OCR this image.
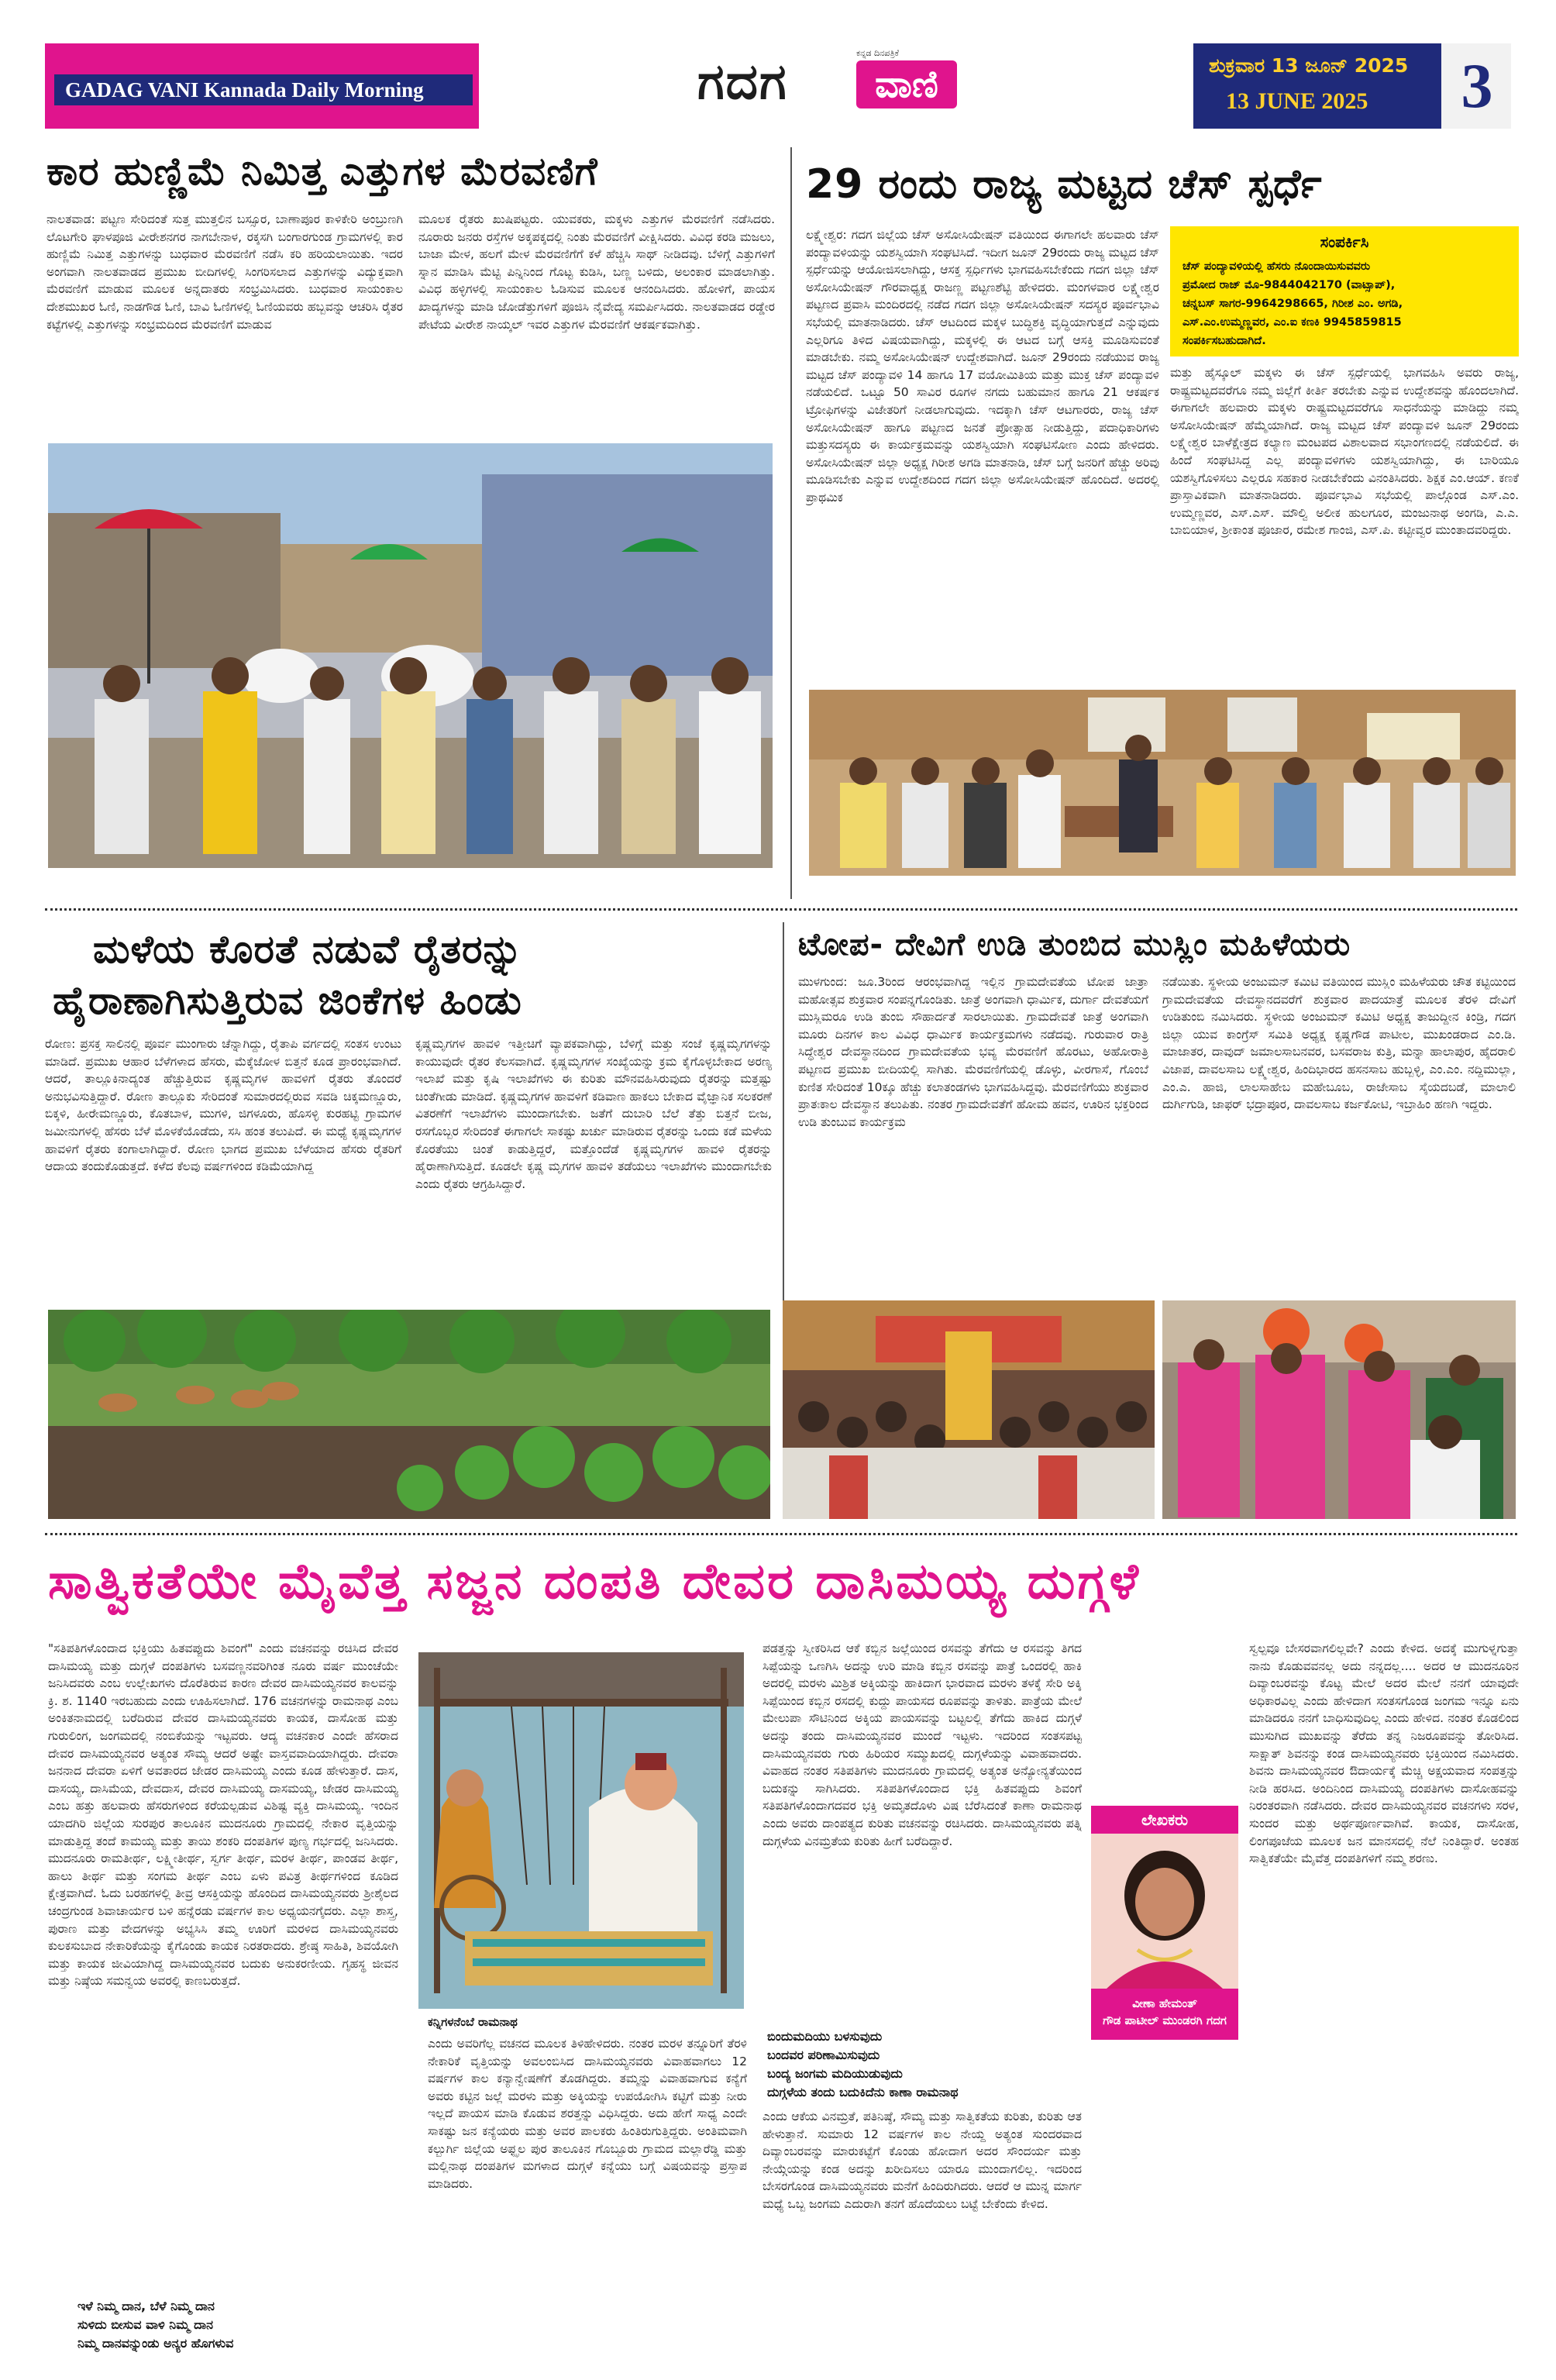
GADAG VANI Kannada Daily Morning	ಗದಗ	ಕನ್ನಡ ದಿನಪತ್ರಿಕೆ
ವಾಣಿ	ಶುಕ್ರವಾರ 13 ಜೂನ್ 2025
13 JUNE 2025 3
ಕಾರ ಹುಣ್ಣಿಮೆ ನಿಮಿತ್ತ ಎತ್ತುಗಳ ಮೆರವಣಿಗೆ
ನಾಲತವಾಡ: ಪಟ್ಟಣ ಸೇರಿದಂತೆ ಸುತ್ತ ಮುತ್ತಲಿನ ಬಸ್ಸೂರ, ಬಾಣಾಪೂರ ಕಾಳಿಕೇರಿ ಅಂಬ್ರುಣಗಿ ಲೊಟಗೇರಿ ಘಾಳಪೂಜಿ ವೀರೇಶನಗರ ನಾಗಬೇನಾಳ, ರಕ್ಕಸಗಿ ಬಂಗಾರಗುಂಡ ಗ್ರಾಮಗಳಲ್ಲಿ ಕಾರ ಹುಣ್ಣಿಮೆ ನಿಮಿತ್ತ ಎತ್ತುಗಳನ್ನು ಬುಧವಾರ ಮೆರವಣಿಗೆ ನಡೆಸಿ ಕರಿ ಹರಿಯಲಾಯಿತು. ಇದರ ಅಂಗವಾಗಿ ನಾಲತವಾಡದ ಪ್ರಮುಖ ಬೀದಿಗಳಲ್ಲಿ ಸಿಂಗರಿಸಲಾದ ಎತ್ತುಗಳನ್ನು ವಿದ್ಯುಕ್ತವಾಗಿ ಮೆರವಣಿಗೆ ಮಾಡುವ ಮೂಲಕ ಅನ್ನದಾತರು ಸಂಭ್ರಮಿಸಿದರು. ಬುಧವಾರ ಸಾಯಂಕಾಲ ದೇಶಮುಖರ ಓಣಿ, ನಾಡಗೌಡ ಓಣಿ, ಬಾವಿ ಓಣಿಗಳಲ್ಲಿ ಓಣಿಯವರು ಹಬ್ಬವನ್ನು ಆಚರಿಸಿ ರೈತರ ಕಟ್ಟೆಗಳಲ್ಲಿ ಎತ್ತುಗಳನ್ನು ಸಂಭ್ರಮದಿಂದ ಮೆರವಣಿಗೆ ಮಾಡುವ
ಮೂಲಕ ರೈತರು ಖುಷಿಪಟ್ಟರು. ಯುವಕರು, ಮಕ್ಕಳು ಎತ್ತುಗಳ ಮೆರವಣಿಗೆ ನಡೆಸಿದರು. ನೂರಾರು ಜನರು ರಸ್ತೆಗಳ ಅಕ್ಕಪಕ್ಕದಲ್ಲಿ ನಿಂತು ಮೆರವಣಿಗೆ ವೀಕ್ಷಿಸಿದರು. ವಿವಿಧ ಕರಡಿ ಮಜಲು, ಬಾಜಾ ಮೇಳ, ಹಲಗೆ ಮೇಳ ಮೆರವಣಿಗೆಗೆ ಕಳೆ ಹೆಚ್ಚಿಸಿ ಸಾಥ್ ನೀಡಿದವು. ಬೆಳಿಗ್ಗೆ ಎತ್ತುಗಳಿಗೆ ಸ್ನಾನ ಮಾಡಿಸಿ ಮೆಟ್ಟಿ ಪಿನ್ನಿನಿಂದ ಗೊಟ್ಟ ಕುಡಿಸಿ, ಬಣ್ಣ ಬಳಿದು, ಅಲಂಕಾರ ಮಾಡಲಾಗಿತ್ತು. ವಿವಿಧ ಹಳ್ಳಿಗಳಲ್ಲಿ ಸಾಯಂಕಾಲ ಓಡಿಸುವ ಮೂಲಕ ಆನಂದಿಸಿದರು. ಹೋಳಿಗೆ, ಪಾಯಸ ಖಾದ್ಯಗಳನ್ನು ಮಾಡಿ ಜೋಡೆತ್ತುಗಳಿಗೆ ಪೂಜಿಸಿ ನೈವೇದ್ಯ ಸಮರ್ಪಿಸಿದರು. ನಾಲತವಾಡದ ರಡ್ಡೇರ ಪೇಟೆಯ ವೀರೇಶ ನಾಯ್ಕಲ್ ಇವರ ಎತ್ತುಗಳ ಮೆರವಣಿಗೆ ಆಕರ್ಷಕವಾಗಿತ್ತು.
29 ರಂದು ರಾಜ್ಯ ಮಟ್ಟದ ಚೆಸ್ ಸ್ಪರ್ಧೆ
ಲಕ್ಷ್ಮೇಶ್ವರ: ಗದಗ ಜಿಲ್ಲೆಯ ಚೆಸ್ ಅಸೋಸಿಯೇಷನ್ ವತಿಯಿಂದ ಈಗಾಗಲೇ ಹಲವಾರು ಚೆಸ್ ಪಂದ್ಯಾವಳಿಯನ್ನು ಯಶಸ್ವಿಯಾಗಿ ಸಂಘಟಿಸಿದೆ. ಇದೀಗ ಜೂನ್ 29ರಂದು ರಾಜ್ಯ ಮಟ್ಟದ ಚೆಸ್ ಸ್ಪರ್ಧೆಯನ್ನು ಆಯೋಜಿಸಲಾಗಿದ್ದು, ಆಸಕ್ತ ಸ್ಪರ್ಧಿಗಳು ಭಾಗವಹಿಸಬೇಕೆಂದು ಗದಗ ಜಿಲ್ಲಾ ಚೆಸ್ ಅಸೋಸಿಯೇಷನ್ ಗೌರವಾಧ್ಯಕ್ಷ ರಾಜಣ್ಣ ಪಟ್ಟಣಶೆಟ್ಟಿ ಹೇಳಿದರು. ಮಂಗಳವಾರ ಲಕ್ಷ್ಮೇಶ್ವರ ಪಟ್ಟಣದ ಪ್ರವಾಸಿ ಮಂದಿರದಲ್ಲಿ ನಡೆದ ಗದಗ ಜಿಲ್ಲಾ ಅಸೋಸಿಯೇಷನ್ ಸದಸ್ಯರ ಪೂರ್ವಭಾವಿ ಸಭೆಯಲ್ಲಿ ಮಾತನಾಡಿದರು. ಚೆಸ್ ಆಟದಿಂದ ಮಕ್ಕಳ ಬುದ್ಧಿಶಕ್ತಿ ವೃದ್ಧಿಯಾಗುತ್ತದೆ ಎನ್ನುವುದು ಎಲ್ಲರಿಗೂ ತಿಳಿದ ವಿಷಯವಾಗಿದ್ದು, ಮಕ್ಕಳಲ್ಲಿ ಈ ಆಟದ ಬಗ್ಗೆ ಆಸಕ್ತಿ ಮೂಡಿಸುವಂತೆ ಮಾಡಬೇಕು. ನಮ್ಮ ಅಸೋಸಿಯೇಷನ್ ಉದ್ದೇಶವಾಗಿದೆ. ಜೂನ್ 29ರಂದು ನಡೆಯುವ ರಾಜ್ಯ ಮಟ್ಟದ ಚೆಸ್ ಪಂದ್ಯಾವಳಿ 14 ಹಾಗೂ 17 ವಯೋಮಿತಿಯ ಮತ್ತು ಮುಕ್ತ ಚೆಸ್ ಪಂದ್ಯಾವಳಿ ನಡೆಯಲಿದೆ. ಒಟ್ಟೂ 50 ಸಾವಿರ ರೂಗಳ ನಗದು ಬಹುಮಾನ ಹಾಗೂ 21 ಆಕರ್ಷಕ ಟ್ರೋಫಿಗಳನ್ನು ವಿಜೇತರಿಗೆ ನೀಡಲಾಗುವುದು. ಇದಕ್ಕಾಗಿ ಚೆಸ್ ಆಟಗಾರರು, ರಾಜ್ಯ ಚೆಸ್ ಅಸೋಸಿಯೇಷನ್ ಹಾಗೂ ಪಟ್ಟಣದ ಜನತೆ ಪ್ರೋತ್ಸಾಹ ನೀಡುತ್ತಿದ್ದು, ಪದಾಧಿಕಾರಿಗಳು ಮತ್ತುಸದಸ್ಯರು ಈ ಕಾರ್ಯಕ್ರಮವನ್ನು ಯಶಸ್ವಿಯಾಗಿ ಸಂಘಟಿಸೋಣ ಎಂದು ಹೇಳಿದರು. ಅಸೋಸಿಯೇಷನ್ ಜಿಲ್ಲಾ ಅಧ್ಯಕ್ಷ ಗಿರೀಶ ಅಗಡಿ ಮಾತನಾಡಿ, ಚೆಸ್ ಬಗ್ಗೆ ಜನರಿಗೆ ಹೆಚ್ಚು ಅರಿವು ಮೂಡಿಸಬೇಕು ಎನ್ನುವ ಉದ್ದೇಶದಿಂದ ಗದಗ ಜಿಲ್ಲಾ ಅಸೋಸಿಯೇಷನ್ ಹೊಂದಿದೆ. ಅದರಲ್ಲಿ ಪ್ರಾಥಮಿಕ
ಸಂಪರ್ಕಿಸಿ
ಚೆಸ್ ಪಂದ್ಯಾವಳಿಯಲ್ಲಿ ಹೆಸರು ನೊಂದಾಯಿಸುವವರು
ಪ್ರಮೋದ ರಾಜ್ ಮೊ-9844042170 (ವಾಟ್ಸಾಪ್),
ಚನ್ನಬಸ್ ಸಾಗರ-9964298665, ಗಿರೀಶ ಎಂ. ಅಗಡಿ,
ಎಸ್.ಎಂ.ಉಮ್ಮಣ್ಣವರ, ಎಂ.ಐ ಕಣಕಿ 9945859815
ಸಂಪರ್ಕಿಸಬಹುದಾಗಿದೆ.
ಮತ್ತು ಹೈಸ್ಕೂಲ್ ಮಕ್ಕಳು ಈ ಚೆಸ್ ಸ್ಪರ್ಧೆಯಲ್ಲಿ ಭಾಗವಹಿಸಿ ಅವರು ರಾಜ್ಯ, ರಾಷ್ಟ್ರಮಟ್ಟದವರೆಗೂ ನಮ್ಮ ಜಿಲ್ಲೆಗೆ ಕೀರ್ತಿ ತರಬೇಕು ಎನ್ನುವ ಉದ್ದೇಶವನ್ನು ಹೊಂದಲಾಗಿದೆ. ಈಗಾಗಲೇ ಹಲವಾರು ಮಕ್ಕಳು ರಾಷ್ಟ್ರಮಟ್ಟದವರೆಗೂ ಸಾಧನೆಯನ್ನು ಮಾಡಿದ್ದು ನಮ್ಮ ಅಸೋಸಿಯೇಷನ್ ಹೆಮ್ಮೆಯಾಗಿದೆ. ರಾಜ್ಯ ಮಟ್ಟದ ಚೆಸ್ ಪಂದ್ಯಾವಳಿ ಜೂನ್ 29ರಂದು ಲಕ್ಷ್ಮೇಶ್ವರ ಬಾಳೆಕ್ಷೇತ್ರದ ಕಲ್ಯಾಣ ಮಂಟಪದ ವಿಶಾಲವಾದ ಸಭಾಂಗಣದಲ್ಲಿ ನಡೆಯಲಿದೆ. ಈ ಹಿಂದೆ ಸಂಘಟಿಸಿದ್ದ ಎಲ್ಲ ಪಂದ್ಯಾವಳಿಗಳು ಯಶಸ್ವಿಯಾಗಿದ್ದು, ಈ ಬಾರಿಯೂ ಯಶಸ್ವಿಗೊಳಿಸಲು ಎಲ್ಲರೂ ಸಹಕಾರ ನೀಡಬೇಕೆಂದು ವಿನಂತಿಸಿದರು. ಶಿಕ್ಷಕ ಎಂ.ಆಯ್. ಕಣಕೆ ಪ್ರಾಸ್ತಾವಿಕವಾಗಿ ಮಾತನಾಡಿದರು. ಪೂರ್ವಭಾವಿ ಸಭೆಯಲ್ಲಿ ಪಾಲ್ಗೊಂಡ ಎಸ್.ಎಂ. ಉಮ್ಮಣ್ಣವರ, ಎಸ್.ಎಸ್. ಮೌಲ್ವಿ ಅಲೀಕ ಹುಲಗೂರ, ಮಂಜುನಾಥ ಅಂಗಡಿ, ಎ.ಎ. ಬಾಬಿಯಾಳ, ಶ್ರೀಕಾಂತ ಪೂಜಾರ, ರಮೇಶ ಗಾಂಜಿ, ಎಸ್.ಪಿ. ಕಟ್ಟೀವ್ವರ ಮುಂತಾದವರಿದ್ದರು.
ಮಳೆಯ ಕೊರತೆ ನಡುವೆ ರೈತರನ್ನು
ಹೈರಾಣಾಗಿಸುತ್ತಿರುವ ಜಿಂಕೆಗಳ ಹಿಂಡು
ರೋಣ: ಪ್ರಸಕ್ತ ಸಾಲಿನಲ್ಲಿ ಪೂರ್ವ ಮುಂಗಾರು ಚೆನ್ನಾಗಿದ್ದು, ರೈತಾಪಿ ವರ್ಗದಲ್ಲಿ ಸಂತಸ ಉಂಟು ಮಾಡಿದೆ. ಪ್ರಮುಖ ಆಹಾರ ಬೆಳೆಗಳಾದ ಹೆಸರು, ಮೆಕ್ಕೆಜೋಳ ಬಿತ್ತನೆ ಕೂಡ ಪ್ರಾರಂಭವಾಗಿದೆ. ಆದರೆ, ತಾಲ್ಲೂಕಿನಾದ್ಯಂತ ಹೆಚ್ಚುತ್ತಿರುವ ಕೃಷ್ಣಮೃಗಳ ಹಾವಳಿಗೆ ರೈತರು ತೊಂದರೆ ಅನುಭವಿಸುತ್ತಿದ್ದಾರೆ. ರೋಣ ತಾಲ್ಲೂಕು ಸೇರಿದಂತೆ ಸುಮಾರದಲ್ಲಿರುವ ಸವಡಿ ಚಿಕ್ಕಮಣ್ಣೂರು, ಬಿಕ್ಕಳಿ, ಹೀರೇಮಣ್ಣೂರು, ಕೊತಬಾಳ, ಮುಗಳಿ, ಜಿಗಳೂರು, ಹೊಸಳ್ಳಿ ಕುರಹಟ್ಟಿ ಗ್ರಾಮಗಳ ಜಮೀನುಗಳಲ್ಲಿ ಹೆಸರು ಬೆಳೆ ಮೊಳಕೆಯೊಡೆದು, ಸಸಿ ಹಂತ ತಲುಪಿದೆ. ಈ ಮಧ್ಯೆ ಕೃಷ್ಣಮೃಗಗಳ ಹಾವಳಿಗೆ ರೈತರು ಕಂಗಾಲಾಗಿದ್ದಾರೆ. ರೋಣ ಭಾಗದ ಪ್ರಮುಖ ಬೆಳೆಯಾದ ಹೆಸರು ರೈತರಿಗೆ ಆದಾಯ ತಂದುಕೊಡುತ್ತದೆ. ಕಳೆದ ಕೆಲವು ವರ್ಷಗಳಿಂದ ಕಡಿಮೆಯಾಗಿದ್ದ
ಕೃಷ್ಣಮೃಗಗಳ ಹಾವಳಿ ಇತ್ತೀಚಿಗೆ ವ್ಯಾಪಕವಾಗಿದ್ದು, ಬೆಳಿಗ್ಗೆ ಮತ್ತು ಸಂಜೆ ಕೃಷ್ಣಮೃಗಗಳನ್ನು ಕಾಯುವುದೇ ರೈತರ ಕೆಲಸವಾಗಿದೆ. ಕೃಷ್ಣಮೃಗಗಳ ಸಂಖ್ಯೆಯನ್ನು ಕ್ರಮ ಕೈಗೊಳ್ಳಬೇಕಾದ ಅರಣ್ಯ ಇಲಾಖೆ ಮತ್ತು ಕೃಷಿ ಇಲಾಖೆಗಳು ಈ ಕುರಿತು ಮೌನವಹಿಸಿರುವುದು ರೈತರನ್ನು ಮತ್ತಷ್ಟು ಚಿಂತೆಗೀಡು ಮಾಡಿದೆ. ಕೃಷ್ಣಮೃಗಗಳ ಹಾವಳಿಗೆ ಕಡಿವಾಣ ಹಾಕಲು ಬೇಕಾದ ವೈಜ್ಞಾನಿಕ ಸಲಕರಣೆ ವಿತರಣೆಗೆ ಇಲಾಖೆಗಳು ಮುಂದಾಗಬೇಕು. ಜತೆಗೆ ದುಬಾರಿ ಬೆಲೆ ತೆತ್ತು ಬಿತ್ತನೆ ಬೀಜ, ರಸಗೊಬ್ಬರ ಸೇರಿದಂತೆ ಈಗಾಗಲೇ ಸಾಕಷ್ಟು ಖರ್ಚು ಮಾಡಿರುವ ರೈತರನ್ನು ಒಂದು ಕಡೆ ಮಳೆಯ ಕೊರತೆಯು ಚಿಂತೆ ಕಾಡುತ್ತಿದ್ದರೆ, ಮತ್ತೊಂದೆಡೆ ಕೃಷ್ಣಮೃಗಗಳ ಹಾವಳಿ ರೈತರನ್ನು ಹೈರಾಣಾಗಿಸುತ್ತಿದೆ. ಕೂಡಲೇ ಕೃಷ್ಣ ಮೃಗಗಳ ಹಾವಳಿ ತಡೆಯಲು ಇಲಾಖೆಗಳು ಮುಂದಾಗಬೇಕು ಎಂದು ರೈತರು ಆಗ್ರಹಿಸಿದ್ದಾರೆ.
ಟೋಪ- ದೇವಿಗೆ ಉಡಿ ತುಂಬಿದ ಮುಸ್ಲಿಂ ಮಹಿಳೆಯರು
ಮುಳಗುಂದ: ಜೂ.3ರಿಂದ ಆರಂಭವಾಗಿದ್ದ ಇಲ್ಲಿನ ಗ್ರಾಮದೇವತೆಯ ಟೋಪ ಜಾತ್ರಾ ಮಹೋತ್ಸವ ಶುಕ್ರವಾರ ಸಂಪನ್ನಗೊಂಡಿತು. ಜಾತ್ರೆ ಅಂಗವಾಗಿ ಧಾರ್ಮಿಕ, ದುರ್ಗಾ ದೇವತೆಯಗೆ ಮುಸ್ಲಿಮರೂ ಉಡಿ ತುಂಬಿ ಸೌಹಾರ್ದತೆ ಸಾರಲಾಯಿತು. ಗ್ರಾಮದೇವತೆ ಜಾತ್ರೆ ಅಂಗವಾಗಿ ಮೂರು ದಿನಗಳ ಕಾಲ ವಿವಿಧ ಧಾರ್ಮಿಕ ಕಾರ್ಯಕ್ರಮಗಳು ನಡೆದವು. ಗುರುವಾರ ರಾತ್ರಿ ಸಿದ್ಧೇಶ್ವರ ದೇವಸ್ಥಾನದಿಂದ ಗ್ರಾಮದೇವತೆಯ ಭವ್ಯ ಮೆರವಣಿಗೆ ಹೊರಟು, ಅಹೋರಾತ್ರಿ ಪಟ್ಟಣದ ಪ್ರಮುಖ ಬೀದಿಯಲ್ಲಿ ಸಾಗಿತು. ಮೆರವಣಿಗೆಯಲ್ಲಿ ಡೊಳ್ಳು, ವೀರಗಾಸೆ, ಗೊಂಬೆ ಕುಣಿತ ಸೇರಿದಂತೆ 10ಕ್ಕೂ ಹೆಚ್ಚು ಕಲಾತಂಡಗಳು ಭಾಗವಹಿಸಿದ್ದವು. ಮೆರವಣಿಗೆಯು ಶುಕ್ರವಾರ ಪ್ರಾತಃಕಾಲ ದೇವಸ್ಥಾನ ತಲುಪಿತು. ನಂತರ ಗ್ರಾಮದೇವತೆಗೆ ಹೋಮ ಹವನ, ಊರಿನ ಭಕ್ತರಿಂದ ಉಡಿ ತುಂಬುವ ಕಾರ್ಯಕ್ರಮ
ನಡೆಯಿತು. ಸ್ಥಳೀಯ ಅಂಜುಮನ್ ಕಮಿಟಿ ವತಿಯಿಂದ ಮುಸ್ಲಿಂ ಮಹಿಳೆಯರು ಚೌತ ಕಟ್ಟಿಯಿಂದ ಗ್ರಾಮದೇವತೆಯ ದೇವಸ್ಥಾನದವರೆಗೆ ಶುಕ್ರವಾರ ಪಾದಯಾತ್ರೆ ಮೂಲಕ ತೆರಳಿ ದೇವಿಗೆ ಉಡಿತುಂಬಿ ನಮಿಸಿದರು. ಸ್ಥಳೀಯ ಅಂಜುಮನ್ ಕಮಿಟಿ ಅಧ್ಯಕ್ಷ ತಾಜುದ್ದೀನ ಕಿಂಡ್ರಿ, ಗದಗ ಜಿಲ್ಲಾ ಯುವ ಕಾಂಗ್ರೆಸ್ ಸಮಿತಿ ಅಧ್ಯಕ್ಷ ಕೃಷ್ಣಗೌಡ ಪಾಟೀಲ, ಮುಖಂಡರಾದ ಎಂ.ಡಿ. ಮಾಜಾತರ, ದಾವುದ್ ಜಮಾಲಸಾಬನವರ, ಬಸವರಾಜ ಕುತ್ರಿ, ಮನ್ನಾ ಹಾಲಾಪುರ, ಹೈದರಾಲಿ ವಿಜಾಪ, ದಾವಲಸಾಬ ಲಕ್ಷ್ಮೇಶ್ವರ, ಹಿಂದಿಭಾರದ ಹಸನಸಾಬ ಹುಬ್ಬಳ್ಳಿ, ಎಂ.ಎಂ. ನದ್ದಿಮುಲ್ಲಾ, ಎಂ.ಎ. ಹಾಜಿ, ಲಾಲಸಾಹೇಬ ಮಹೇಬೂಬ, ರಾಜೇಸಾಬ ಸೈಯದಬಡೆ, ಮಾಲಾಲಿ ದುರ್ಗಿಗುಡಿ, ಜಾಫರ್ ಭದ್ರಾಪೂರ, ದಾವಲಸಾಬ ಕರ್ಜಕೋಟಿ, ಇಬ್ರಾಹಿಂ ಹಣಗಿ ಇದ್ದರು.
ಸಾತ್ವಿಕತೆಯೇ ಮೈವೆತ್ತ ಸಜ್ಜನ ದಂಪತಿ ದೇವರ ದಾಸಿಮಯ್ಯ ದುಗ್ಗಳೆ
"ಸತಿಪತಿಗಳೊಂದಾದ ಭಕ್ತಿಯು ಹಿತವಪ್ಪುದು ಶಿವಂಗೆ" ಎಂದು ವಚನವನ್ನು ರಚಿಸಿದ ದೇವರ ದಾಸಿಮಯ್ಯ ಮತ್ತು ದುಗ್ಗಳೆ ದಂಪತಿಗಳು ಬಸವಣ್ಣನವರಿಗಿಂತ ನೂರು ವರ್ಷ ಮುಂಚೆಯೇ ಜನಿಸಿದವರು ಎಂಬ ಉಲ್ಲೇಖಗಳು ದೊರೆತಿರುವ ಕಾರಣ ದೇವರ ದಾಸಿಮಯ್ಯನವರ ಕಾಲವನ್ನು ಕ್ರಿ. ಶ. 1140 ಇರಬಹುದು ಎಂದು ಊಹಿಸಲಾಗಿದೆ. 176 ವಚನಗಳನ್ನು ರಾಮನಾಥ ಎಂಬ ಅಂಕಿತನಾಮದಲ್ಲಿ ಬರೆದಿರುವ ದೇವರ ದಾಸಿಮಯ್ಯನವರು ಕಾಯಕ, ದಾಸೋಹ ಮತ್ತು ಗುರುಲಿಂಗ, ಜಂಗಮದಲ್ಲಿ ನಂಬಿಕೆಯನ್ನು ಇಟ್ಟವರು. ಆದ್ಯ ವಚನಕಾರ ಎಂದೇ ಹೆಸರಾದ ದೇವರ ದಾಸಿಮಯ್ಯನವರ ಅತ್ಯಂತ ಸೌಮ್ಯ ಆದರೆ ಅಷ್ಟೇ ವಾಸ್ತವವಾದಿಯಾಗಿದ್ದರು. ದೇವರಾ ಜನನಾದ ದೇವರಾ ಏಳಿಗೆ ಅವತಾರದ ಜೇಡರ ದಾಸಿಮಯ್ಯ ಎಂದು ಕೂಡ ಹೇಳುತ್ತಾರೆ. ದಾಸ, ದಾಸಯ್ಯ, ದಾಸಿಮೆಯ, ದೇವದಾಸ, ದೇವರ ದಾಸಿಮಯ್ಯ ದಾಸಮಯ್ಯ, ಜೇಡರ ದಾಸಿಮಯ್ಯ ಎಂಬ ಹತ್ತು ಹಲವಾರು ಹೆಸರುಗಳಿಂದ ಕರೆಯಲ್ಪಡುವ ವಿಶಿಷ್ಟ ವ್ಯಕ್ತಿ ದಾಸಿಮಯ್ಯ. ಇಂದಿನ ಯಾದಗಿರಿ ಜಿಲ್ಲೆಯ ಸುರಪುರ ತಾಲೂಕಿನ ಮುದನೂರು ಗ್ರಾಮದಲ್ಲಿ ನೇಕಾರ ವೃತ್ತಿಯನ್ನು ಮಾಡುತ್ತಿದ್ದ ತಂದೆ ಕಾಮಯ್ಯ ಮತ್ತು ತಾಯಿ ಶಂಕರಿ ದಂಪತಿಗಳ ಪುಣ್ಯ ಗರ್ಭದಲ್ಲಿ ಜನಿಸಿದರು. ಮುದನೂರು ರಾಮತೀರ್ಥ, ಲಕ್ಷ್ಮೀತೀರ್ಥ, ಸ್ವರ್ಗ ತೀರ್ಥ, ಮರಳ ತೀರ್ಥ, ಪಾಂಡವ ತೀರ್ಥ, ಹಾಲು ತೀರ್ಥ ಮತ್ತು ಸಂಗಮ ತೀರ್ಥ ಎಂಬ ಏಳು ಪವಿತ್ರ ತೀರ್ಥಗಳಿಂದ ಕೂಡಿದ ಕ್ಷೇತ್ರವಾಗಿದೆ. ಓದು ಬರಹಗಳಲ್ಲಿ ತೀವ್ರ ಆಸಕ್ತಿಯನ್ನು ಹೊಂದಿದ ದಾಸಿಮಯ್ಯನವರು ಶ್ರೀಶೈಲದ ಚಂದ್ರಗುಂಡ ಶಿವಾಚಾರ್ಯರ ಬಳಿ ಹನ್ನೆರಡು ವರ್ಷಗಳ ಕಾಲ ಅಧ್ಯಯನಗೈದರು. ಎಲ್ಲಾ ಶಾಸ್ತ್ರ, ಪುರಾಣ ಮತ್ತು ವೇದಗಳನ್ನು ಅಭ್ಯಸಿಸಿ ತಮ್ಮ ಊರಿಗೆ ಮರಳಿದ ದಾಸಿಮಯ್ಯನವರು ಕುಲಕಸುಬಾದ ನೇಕಾರಿಕೆಯನ್ನು ಕೈಗೊಂಡು ಕಾಯಕ ನಿರತರಾದರು. ಶ್ರೇಷ್ಠ ಸಾಹಿತಿ, ಶಿವಯೋಗಿ ಮತ್ತು ಕಾಯಕ ಜೀವಿಯಾಗಿದ್ದ ದಾಸಿಮಯ್ಯನವರ ಬದುಕು ಅನುಕರಣೀಯ. ಗೃಹಸ್ಥ ಜೀವನ ಮತ್ತು ನಿಷ್ಠೆಯ ಸಮನ್ವಯ ಅವರಲ್ಲಿ ಕಾಣಬರುತ್ತದೆ.
ಇಳೆ ನಿಮ್ಮ ದಾನ, ಬೆಳೆ ನಿಮ್ಮ ದಾನ
ಸುಳಿದು ಬೀಸುವ ವಾಳಿ ನಿಮ್ಮ ದಾನ
ನಿಮ್ಮ ದಾನವನ್ನುಂಡು ಅನ್ಯರ ಹೊಗಳುವ
ಕನ್ನಿಗಳನೆಂಬೆ ರಾಮನಾಥ
ಎಂದು ಅವರಿಗೆಲ್ಲ ವಚನದ ಮೂಲಕ ತಿಳಿಹೇಳಿದರು. ನಂತರ ಮರಳ ತನ್ನೂರಿಗೆ ತೆರಳಿ ನೇಕಾರಿಕೆ ವೃತ್ತಿಯನ್ನು ಅವಲಂಬಿಸಿದ ದಾಸಿಮಯ್ಯನವರು ವಿವಾಹವಾಗಲು 12 ವರ್ಷಗಳ ಕಾಲ ಕನ್ಯಾನ್ವೇಷಣೆಗೆ ತೊಡಗಿದ್ದರು. ತಮ್ಮನ್ನು ವಿವಾಹವಾಗುವ ಕನ್ಯೆಗೆ ಅವರು ಕಟ್ಟಿನ ಜಲ್ಲೆ ಮರಳು ಮತ್ತು ಅಕ್ಕಿಯನ್ನು ಉಪಯೋಗಿಸಿ ಕಟ್ಟಿಗೆ ಮತ್ತು ನೀರು ಇಲ್ಲದೆ ಪಾಯಸ ಮಾಡಿ ಕೊಡುವ ಶರತ್ತನ್ನು ವಿಧಿಸಿದ್ದರು. ಅದು ಹೇಗೆ ಸಾಧ್ಯ ಎಂದೇ ಸಾಕಷ್ಟು ಜನ ಕನ್ಯೆಯರು ಮತ್ತು ಅವರ ಪಾಲಕರು ಹಿಂತಿರುಗುತ್ತಿದ್ದರು. ಅಂತಿಮವಾಗಿ ಕಲ್ಬುರ್ಗಿ ಜಿಲ್ಲೆಯ ಅಫ್ಝಲ ಪುರ ತಾಲೂಕಿನ ಗೊಬ್ಬೂರು ಗ್ರಾಮದ ಮಲ್ಲಾರೆಡ್ಡಿ ಮತ್ತು ಮಲ್ಲಿನಾಥ ದಂಪತಿಗಳ ಮಗಳಾದ ದುಗ್ಗಳೆ ಕನ್ನೆಯು ಬಗ್ಗೆ ವಿಷಯವನ್ನು ಪ್ರಸ್ತಾಪ ಮಾಡಿದರು.
ಪಡತ್ತನ್ನು ಸ್ವೀಕರಿಸಿದ ಆಕೆ ಕಬ್ಬಿನ ಜಲ್ಲೆಯಿಂದ ರಸವನ್ನು ತೆಗೆದು ಆ ರಸವನ್ನು ತಿಗದ ಸಿಪ್ಪೆಯನ್ನು ಒಣಗಿಸಿ ಅದನ್ನು ಉರಿ ಮಾಡಿ ಕಬ್ಬಿನ ರಸವನ್ನು ಪಾತ್ರೆ ಒಂದರಲ್ಲಿ ಹಾಕಿ ಅದರಲ್ಲಿ ಮರಳು ಮಿಶ್ರಿತ ಅಕ್ಕಿಯನ್ನು ಹಾಕಿದಾಗ ಭಾರವಾದ ಮರಳು ತಳಕ್ಕೆ ಸೇರಿ ಅಕ್ಕಿ ಸಿಪ್ಪೆಯಿಂದ ಕಬ್ಬಿನ ರಸದಲ್ಲಿ ಕುದ್ದು ಪಾಯಸದ ರೂಪವನ್ನು ತಾಳಿತು. ಪಾತ್ರೆಯ ಮೇಲೆ ಮೇಲುಪಾ ಸೌಟಿನಿಂದ ಅಕ್ಕಿಯ ಪಾಯಸವನ್ನು ಬಟ್ಟಲಲ್ಲಿ ತೆಗೆದು ಹಾಕಿದ ದುಗ್ಗಳೆ ಅದನ್ನು ತಂದು ದಾಸಿಮಯ್ಯನವರ ಮುಂದೆ ಇಟ್ಟಳು. ಇದರಿಂದ ಸಂತಸಪಟ್ಟ ದಾಸಿಮಯ್ಯನವರು ಗುರು ಹಿರಿಯರ ಸಮ್ಮುಖದಲ್ಲಿ ದುಗ್ಗಳೆಯನ್ನು ವಿವಾಹವಾದರು. ವಿವಾಹದ ನಂತರ ಸತಿಪತಿಗಳು ಮುದನೂರು ಗ್ರಾಮದಲ್ಲಿ ಅತ್ಯಂತ ಅನ್ಯೋನ್ಯತೆಯಿಂದ ಬದುಕನ್ನು ಸಾಗಿಸಿದರು. ಸತಿಪತಿಗಳೊಂದಾದ ಭಕ್ತಿ ಹಿತವಪ್ಪುದು ಶಿವಂಗೆ ಸತಿಪತಿಗಳೊಂದಾಗದವರ ಭಕ್ತಿ ಅಮೃತದೊಳು ವಿಷ ಬೆರೆಸಿದಂತೆ ಕಾಣಾ ರಾಮನಾಥ ಎಂದು ಅವರು ದಾಂಪತ್ಯದ ಕುರಿತು ವಚನವನ್ನು ರಚಿಸಿದರು. ದಾಸಿಮಯ್ಯನವರು ಪತ್ನಿ ದುಗ್ಗಳೆಯ ವಿನಮ್ರತೆಯ ಕುರಿತು ಹೀಗೆ ಬರೆದಿದ್ದಾರೆ.
ಬಿಂದುಮದಿಯು ಬಳಸುವುದು
ಬಂದವರ ಪರಿಣಾಮಿಸುವುದು
ಬಂದ್ಯ ಜಂಗಮ ಮದಿಯುಡುವುದು
ದುಗ್ಗಳೆಯ ತಂದು ಬದುಕಿದೆನು ಕಾಣಾ ರಾಮನಾಥ
ಎಂದು ಆಕೆಯ ವಿನಮ್ರತೆ, ಪತಿನಿಷ್ಠೆ, ಸೌಮ್ಯ ಮತ್ತು ಸಾತ್ವಿಕತೆಯ ಕುರಿತು, ಕುರಿತು ಆತ ಹೇಳುತ್ತಾನೆ. ಸುಮಾರು 12 ವರ್ಷಗಳ ಕಾಲ ನೇಯ್ದ ಅತ್ಯಂತ ಸುಂದರವಾದ ದಿವ್ಯಾಂಬರವನ್ನು ಮಾರುಕಟ್ಟೆಗೆ ಕೊಂಡು ಹೋದಾಗ ಅದರ ಸೌಂದರ್ಯ ಮತ್ತು ನೇಯ್ಗೆಯನ್ನು ಕಂಡ ಅದನ್ನು ಖರೀದಿಸಲು ಯಾರೂ ಮುಂದಾಗಲಿಲ್ಲ. ಇದರಿಂದ ಬೇಸರಗೊಂಡ ದಾಸಿಮಯ್ಯನವರು ಮನೆಗೆ ಹಿಂದಿರುಗಿದರು. ಆದರೆ ಆ ಮುನ್ನ ಮಾರ್ಗ ಮಧ್ಯೆ ಒಬ್ಬ ಜಂಗಮ ಎದುರಾಗಿ ತನಗೆ ಹೊದೆಯಲು ಬಟ್ಟೆ ಬೇಕೆಂದು ಕೇಳಿದ.
ಲೇಖಕರು
ವೀಣಾ ಹೇಮಂತ್
ಗೌಡ ಪಾಟೀಲ್ ಮುಂಡರಗಿ ಗದಗ
ಸ್ವಲ್ಪವೂ ಬೇಸರವಾಗಲಿಲ್ಲವೇ? ಎಂದು ಕೇಳಿದ. ಅದಕ್ಕೆ ಮುಗುಳ್ನಗುತ್ತಾ ನಾನು ಕೊಡುವವನಲ್ಲ ಅದು ನನ್ನದಲ್ಲ.... ಅದರ ಆ ಮುದನೂರಿನ ದಿವ್ಯಾಂಬರವನ್ನು ಕೊಟ್ಟ ಮೇಲೆ ಅದರ ಮೇಲೆ ನನಗೆ ಯಾವುದೇ ಅಧಿಕಾರವಿಲ್ಲ ಎಂದು ಹೇಳಿದಾಗ ಸಂತಸಗೊಂಡ ಜಂಗಮ ಇನ್ನೂ ಏನು ಮಾಡಿದರೂ ನನಗೆ ಬಾಧಿಸುವುದಿಲ್ಲ ಎಂದು ಹೇಳಿದ. ನಂತರ ಕೊಡಲಿಂದ ಮುಸುಗಿದ ಮುಖವನ್ನು ತೆರೆದು ತನ್ನ ನಿಜರೂಪವನ್ನು ತೋರಿಸಿದ. ಸಾಕ್ಷಾತ್ ಶಿವನನ್ನು ಕಂಡ ದಾಸಿಮಯ್ಯನವರು ಭಕ್ತಿಯಿಂದ ನಮಿಸಿದರು. ಶಿವನು ದಾಸಿಮಯ್ಯನವರ ಔದಾರ್ಯಕ್ಕೆ ಮೆಚ್ಚಿ ಅಕ್ಷಯವಾದ ಸಂಪತ್ತನ್ನು ನೀಡಿ ಹರಸಿದ. ಅಂದಿನಿಂದ ದಾಸಿಮಯ್ಯ ದಂಪತಿಗಳು ದಾಸೋಹವನ್ನು ನಿರಂತರವಾಗಿ ನಡೆಸಿದರು. ದೇವರ ದಾಸಿಮಯ್ಯನವರ ವಚನಗಳು ಸರಳ, ಸುಂದರ ಮತ್ತು ಅರ್ಥಪೂರ್ಣವಾಗಿವೆ. ಕಾಯಕ, ದಾಸೋಹ, ಲಿಂಗಪೂಜೆಯ ಮೂಲಕ ಜನ ಮಾನಸದಲ್ಲಿ ನೆಲೆ ನಿಂತಿದ್ದಾರೆ. ಅಂತಹ ಸಾತ್ವಿಕತೆಯೇ ಮೈವೆತ್ತ ದಂಪತಿಗಳಿಗೆ ನಮ್ಮ ಶರಣು.
